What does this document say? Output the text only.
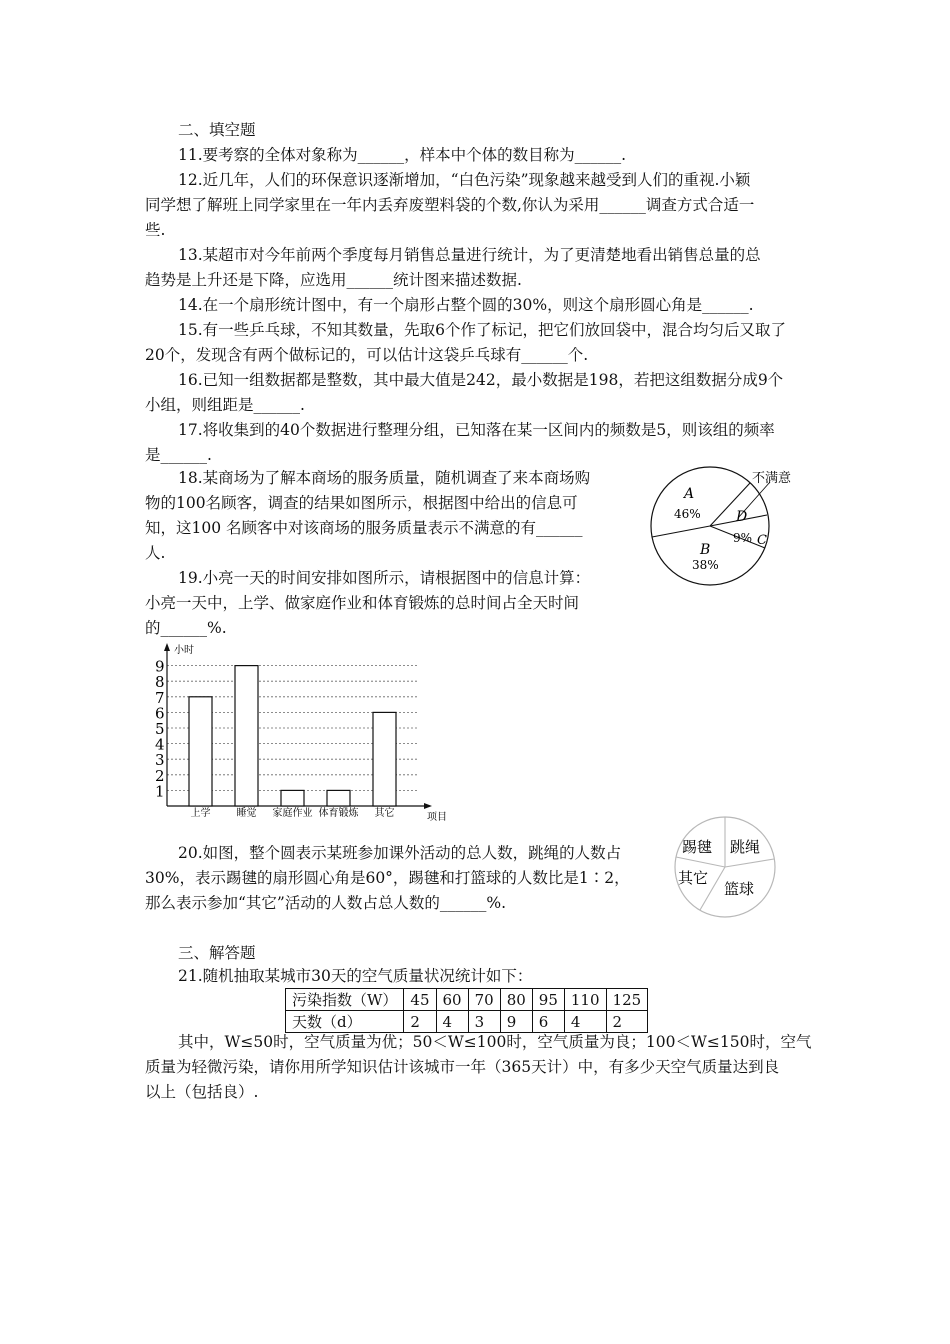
二、填空题
11.要考察的全体对象称为______，样本中个体的数目称为______.
12.近几年，人们的环保意识逐渐增加，“白色污染”现象越来越受到人们的重视.小颖
同学想了解班上同学家里在一年内丢弃废塑料袋的个数,你认为采用______调查方式合适一
些.
13.某超市对今年前两个季度每月销售总量进行统计，为了更清楚地看出销售总量的总
趋势是上升还是下降，应选用______统计图来描述数据.
14.在一个扇形统计图中，有一个扇形占整个圆的30%，则这个扇形圆心角是______.
15.有一些乒乓球，不知其数量，先取6个作了标记，把它们放回袋中，混合均匀后又取了
20个，发现含有两个做标记的，可以估计这袋乒乓球有______个.
16.已知一组数据都是整数，其中最大值是242，最小数据是198，若把这组数据分成9个
小组，则组距是______.
17.将收集到的40个数据进行整理分组，已知落在某一区间内的频数是5，则该组的频率
是______.
18.某商场为了解本商场的服务质量，随机调查了来本商场购
物的100名顾客，调查的结果如图所示，根据图中给出的信息可
知，这100 名顾客中对该商场的服务质量表示不满意的有______
人.
不满意
A
46%
B
38%
9% C
D
19.小亮一天的时间安排如图所示，请根据图中的信息计算：
小亮一天中，上学、做家庭作业和体育锻炼的总时间占全天时间
的______%.
小时
项目
1
2
3
4
5
6
7
8
9
上学	睡觉 家庭作业 体育锻炼 其它
20.如图，整个圆表示某班参加课外活动的总人数，跳绳的人数占
30%，表示踢毽的扇形圆心角是60°，踢毽和打篮球的人数比是1∶2，
那么表示参加“其它”活动的人数占总人数的______%.
踢毽 跳绳
其它
篮球
三、解答题
21.随机抽取某城市30天的空气质量状况统计如下：
污染指数（W）	45	60	70	80	95	110	125
天数（d）	2	4	3	9	6	4	2
其中，W≤50时，空气质量为优；50＜W≤100时，空气质量为良；100＜W≤150时，空气
质量为轻微污染，请你用所学知识估计该城市一年（365天计）中，有多少天空气质量达到良
以上（包括良）.
